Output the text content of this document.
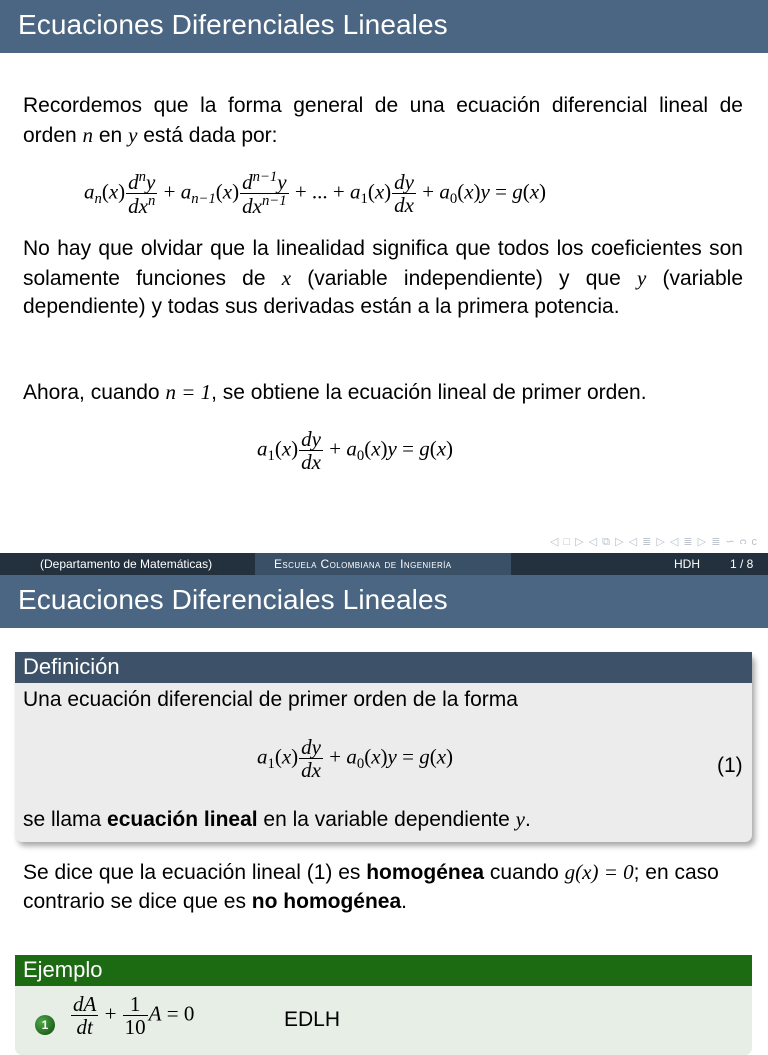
Ecuaciones Diferenciales Lineales
Recordemos que la forma general de una ecuación diferencial lineal de orden n en y está dada por:
$a_n(x) \frac{d^ny}{dx^n} + a_{n-1}(x) \frac{d^{n-1}y}{dx^{n-1}}$ + ... + $a_1(x) \frac{dy}{dx} + a_0(x)y = g(x)$
No hay que olvidar que la linealidad significa que todos los coeficientes son solamente funciones de x (variable independiente) y que y (variable dependiente) y todas sus derivadas están a la primera potencia.
Ahora, cuando n = 1, se obtiene la ecuación lineal de primer orden.
$a_1(x) \frac{dy}{dx} + a_0(x)y = g(x)$
◁ □ ▷ ◁ ⧉ ▷ ◁ ≣ ▷ ◁ ≣ ▷ ≣ ∽ ᴒ ᴄ
(Departamento de Matemáticas)	Escuela Colombiana de Ingeniería	HDH	1 / 8
Ecuaciones Diferenciales Lineales
Definición
Una ecuación diferencial de primer orden de la forma
$a_1(x) \frac{dy}{dx} + a_0(x)y = g(x)$	(1)
se llama ecuación lineal en la variable dependiente y.
Se dice que la ecuación lineal (1) es homogénea cuando g(x) = 0; en caso contrario se dice que es no homogénea.
Ejemplo
1	$\frac{dA}{dt} + \frac{1}{10}$ A = 0	EDLH
